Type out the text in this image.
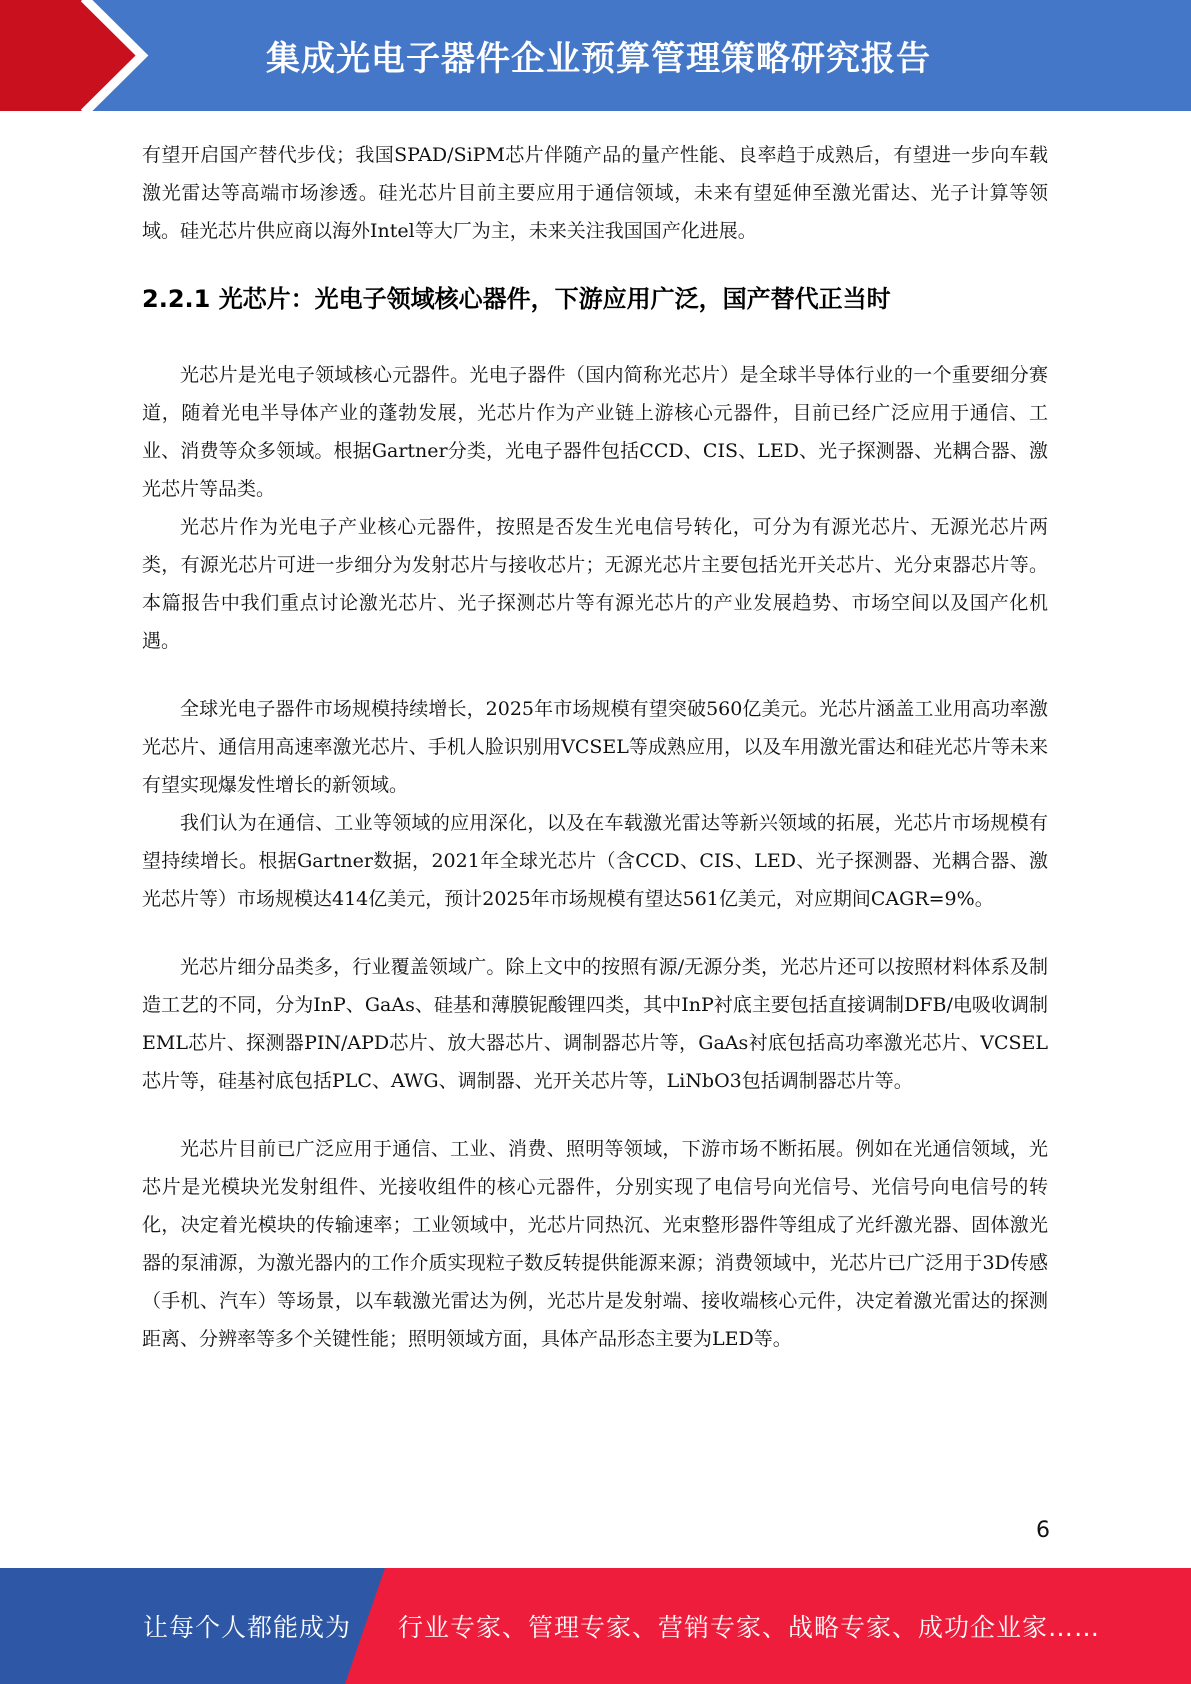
集成光电子器件企业预算管理策略研究报告

有望开启国产替代步伐；我国SPAD/SiPM芯片伴随产品的量产性能、良率趋于成熟后，有望进一步向车载激光雷达等高端市场渗透。硅光芯片目前主要应用于通信领域，未来有望延伸至激光雷达、光子计算等领域。硅光芯片供应商以海外Intel等大厂为主，未来关注我国国产化进展。

2.2.1 光芯片：光电子领域核心器件，下游应用广泛，国产替代正当时

光芯片是光电子领域核心元器件。光电子器件（国内简称光芯片）是全球半导体行业的一个重要细分赛道，随着光电半导体产业的蓬勃发展，光芯片作为产业链上游核心元器件，目前已经广泛应用于通信、工业、消费等众多领域。根据Gartner分类，光电子器件包括CCD、CIS、LED、光子探测器、光耦合器、激光芯片等品类。

光芯片作为光电子产业核心元器件，按照是否发生光电信号转化，可分为有源光芯片、无源光芯片两类，有源光芯片可进一步细分为发射芯片与接收芯片；无源光芯片主要包括光开关芯片、光分束器芯片等。本篇报告中我们重点讨论激光芯片、光子探测芯片等有源光芯片的产业发展趋势、市场空间以及国产化机遇。

全球光电子器件市场规模持续增长，2025年市场规模有望突破560亿美元。光芯片涵盖工业用高功率激光芯片、通信用高速率激光芯片、手机人脸识别用VCSEL等成熟应用，以及车用激光雷达和硅光芯片等未来有望实现爆发性增长的新领域。

我们认为在通信、工业等领域的应用深化，以及在车载激光雷达等新兴领域的拓展，光芯片市场规模有望持续增长。根据Gartner数据，2021年全球光芯片（含CCD、CIS、LED、光子探测器、光耦合器、激光芯片等）市场规模达414亿美元，预计2025年市场规模有望达561亿美元，对应期间CAGR=9%。

光芯片细分品类多，行业覆盖领域广。除上文中的按照有源/无源分类，光芯片还可以按照材料体系及制造工艺的不同，分为InP、GaAs、硅基和薄膜铌酸锂四类，其中InP衬底主要包括直接调制DFB/电吸收调制EML芯片、探测器PIN/APD芯片、放大器芯片、调制器芯片等，GaAs衬底包括高功率激光芯片、VCSEL芯片等，硅基衬底包括PLC、AWG、调制器、光开关芯片等，LiNbO3包括调制器芯片等。

光芯片目前已广泛应用于通信、工业、消费、照明等领域，下游市场不断拓展。例如在光通信领域，光芯片是光模块光发射组件、光接收组件的核心元器件，分别实现了电信号向光信号、光信号向电信号的转化，决定着光模块的传输速率；工业领域中，光芯片同热沉、光束整形器件等组成了光纤激光器、固体激光器的泵浦源，为激光器内的工作介质实现粒子数反转提供能源来源；消费领域中，光芯片已广泛用于3D传感（手机、汽车）等场景，以车载激光雷达为例，光芯片是发射端、接收端核心元件，决定着激光雷达的探测距离、分辨率等多个关键性能；照明领域方面，具体产品形态主要为LED等。

6
让每个人都能成为 行业专家、管理专家、营销专家、战略专家、成功企业家……
